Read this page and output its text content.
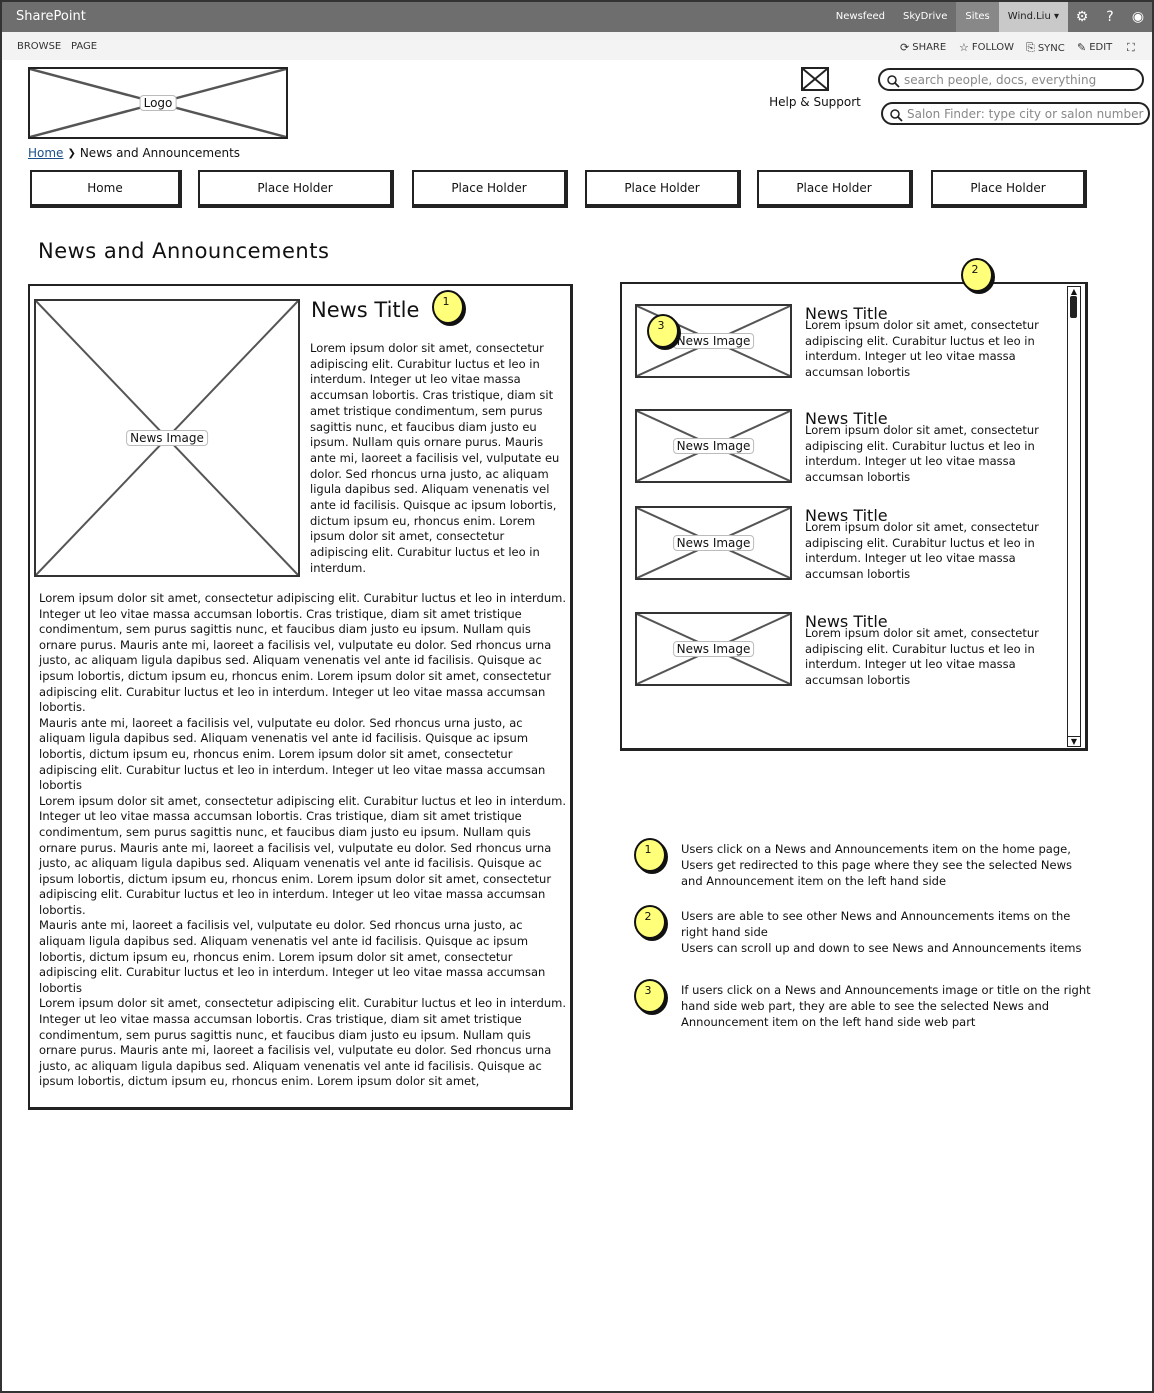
SharePoint	Newsfeed	SkyDrive	Sites	Wind.Liu ▾	⚙	?	◉
BROWSE PAGE	⟳ SHARE ☆ FOLLOW ⎘ SYNC ✎ EDIT ⛶
Logo	Help & Support
search people, docs, everything
Salon Finder: type city or salon number
Home ❯ News and Announcements
Home	Place Holder	Place Holder	Place Holder	Place Holder	Place Holder
News and Announcements
News Image
News Title

Lorem ipsum dolor sit amet, consectetur adipiscing elit. Curabitur luctus et leo in interdum. Integer ut leo vitae massa accumsan lobortis. Cras tristique, diam sit amet tristique condimentum, sem purus sagittis nunc, et faucibus diam justo eu ipsum. Nullam quis ornare purus. Mauris ante mi, laoreet a facilisis vel, vulputate eu dolor. Sed rhoncus urna justo, ac aliquam ligula dapibus sed. Aliquam venenatis vel ante id facilisis. Quisque ac ipsum lobortis, dictum ipsum eu, rhoncus enim. Lorem ipsum dolor sit amet, consectetur adipiscing elit. Curabitur luctus et leo in interdum.

Lorem ipsum dolor sit amet, consectetur adipiscing elit. Curabitur luctus et leo in interdum. Integer ut leo vitae massa accumsan lobortis. Cras tristique, diam sit amet tristique condimentum, sem purus sagittis nunc, et faucibus diam justo eu ipsum. Nullam quis ornare purus. Mauris ante mi, laoreet a facilisis vel, vulputate eu dolor. Sed rhoncus urna justo, ac aliquam ligula dapibus sed. Aliquam venenatis vel ante id facilisis. Quisque ac ipsum lobortis, dictum ipsum eu, rhoncus enim. Lorem ipsum dolor sit amet, consectetur adipiscing elit. Curabitur luctus et leo in interdum. Integer ut leo vitae massa accumsan lobortis.

Mauris ante mi, laoreet a facilisis vel, vulputate eu dolor. Sed rhoncus urna justo, ac aliquam ligula dapibus sed. Aliquam venenatis vel ante id facilisis. Quisque ac ipsum lobortis, dictum ipsum eu, rhoncus enim. Lorem ipsum dolor sit amet, consectetur adipiscing elit. Curabitur luctus et leo in interdum. Integer ut leo vitae massa accumsan lobortis

Lorem ipsum dolor sit amet, consectetur adipiscing elit. Curabitur luctus et leo in interdum. Integer ut leo vitae massa accumsan lobortis. Cras tristique, diam sit amet tristique condimentum, sem purus sagittis nunc, et faucibus diam justo eu ipsum. Nullam quis ornare purus. Mauris ante mi, laoreet a facilisis vel, vulputate eu dolor. Sed rhoncus urna justo, ac aliquam ligula dapibus sed. Aliquam venenatis vel ante id facilisis. Quisque ac ipsum lobortis, dictum ipsum eu, rhoncus enim. Lorem ipsum dolor sit amet, consectetur adipiscing elit. Curabitur luctus et leo in interdum. Integer ut leo vitae massa accumsan lobortis.

Mauris ante mi, laoreet a facilisis vel, vulputate eu dolor. Sed rhoncus urna justo, ac aliquam ligula dapibus sed. Aliquam venenatis vel ante id facilisis. Quisque ac ipsum lobortis, dictum ipsum eu, rhoncus enim. Lorem ipsum dolor sit amet, consectetur adipiscing elit. Curabitur luctus et leo in interdum. Integer ut leo vitae massa accumsan lobortis

Lorem ipsum dolor sit amet, consectetur adipiscing elit. Curabitur luctus et leo in interdum. Integer ut leo vitae massa accumsan lobortis. Cras tristique, diam sit amet tristique condimentum, sem purus sagittis nunc, et faucibus diam justo eu ipsum. Nullam quis ornare purus. Mauris ante mi, laoreet a facilisis vel, vulputate eu dolor. Sed rhoncus urna justo, ac aliquam ligula dapibus sed. Aliquam venenatis vel ante id facilisis. Quisque ac ipsum lobortis, dictum ipsum eu, rhoncus enim. Lorem ipsum dolor sit amet,

1
News Image
News Title

Lorem ipsum dolor sit amet, consectetur adipiscing elit. Curabitur luctus et leo in interdum. Integer ut leo vitae massa accumsan lobortis

News Image
News Title

Lorem ipsum dolor sit amet, consectetur adipiscing elit. Curabitur luctus et leo in interdum. Integer ut leo vitae massa accumsan lobortis

News Image
News Title

Lorem ipsum dolor sit amet, consectetur adipiscing elit. Curabitur luctus et leo in interdum. Integer ut leo vitae massa accumsan lobortis

News Image
News Title

Lorem ipsum dolor sit amet, consectetur adipiscing elit. Curabitur luctus et leo in interdum. Integer ut leo vitae massa accumsan lobortis

▲
▼
2
3
1	Users click on a News and Announcements item on the home page,
Users get redirected to this page where they see the selected News and Announcement item on the left hand side
2	Users are able to see other News and Announcements items on the right hand side
Users can scroll up and down to see News and Announcements items
3	If users click on a News and Announcements image or title on the right hand side web part, they are able to see the selected News and Announcement item on the left hand side web part
